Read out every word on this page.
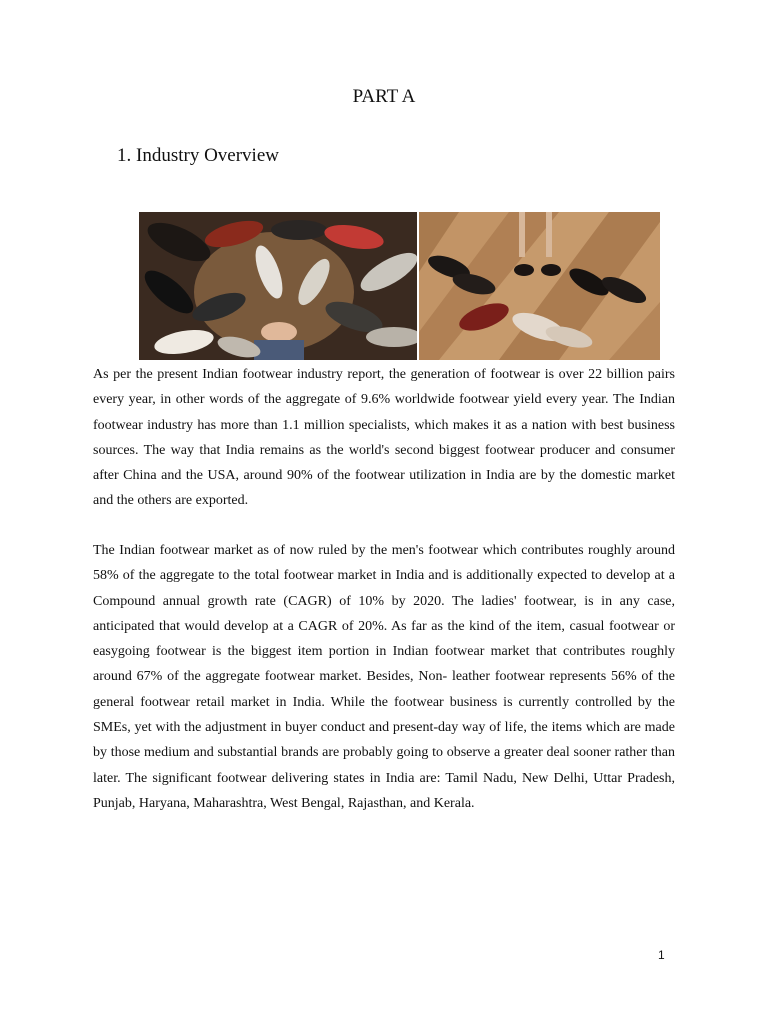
PART A
1. Industry Overview

As per the present Indian footwear industry report, the generation of footwear is over 22 billion pairs every year, in other words of the aggregate of 9.6% worldwide footwear yield every year. The Indian footwear industry has more than 1.1 million specialists, which makes it as a nation with best business sources. The way that India remains as the world's second biggest footwear producer and consumer after China and the USA, around 90% of the footwear utilization in India are by the domestic market and the others are exported.

The Indian footwear market as of now ruled by the men's footwear which contributes roughly around 58% of the aggregate to the total footwear market in India and is additionally expected to develop at a Compound annual growth rate (CAGR) of 10% by 2020. The ladies' footwear, is in any case, anticipated that would develop at a CAGR of 20%. As far as the kind of the item, casual footwear or easygoing footwear is the biggest item portion in Indian footwear market that contributes roughly around 67% of the aggregate footwear market. Besides, Non- leather footwear represents 56% of the general footwear retail market in India. While the footwear business is currently controlled by the SMEs, yet with the adjustment in buyer conduct and present-day way of life, the items which are made by those medium and substantial brands are probably going to observe a greater deal sooner rather than later. The significant footwear delivering states in India are: Tamil Nadu, New Delhi, Uttar Pradesh, Punjab, Haryana, Maharashtra, West Bengal, Rajasthan, and Kerala.

1
